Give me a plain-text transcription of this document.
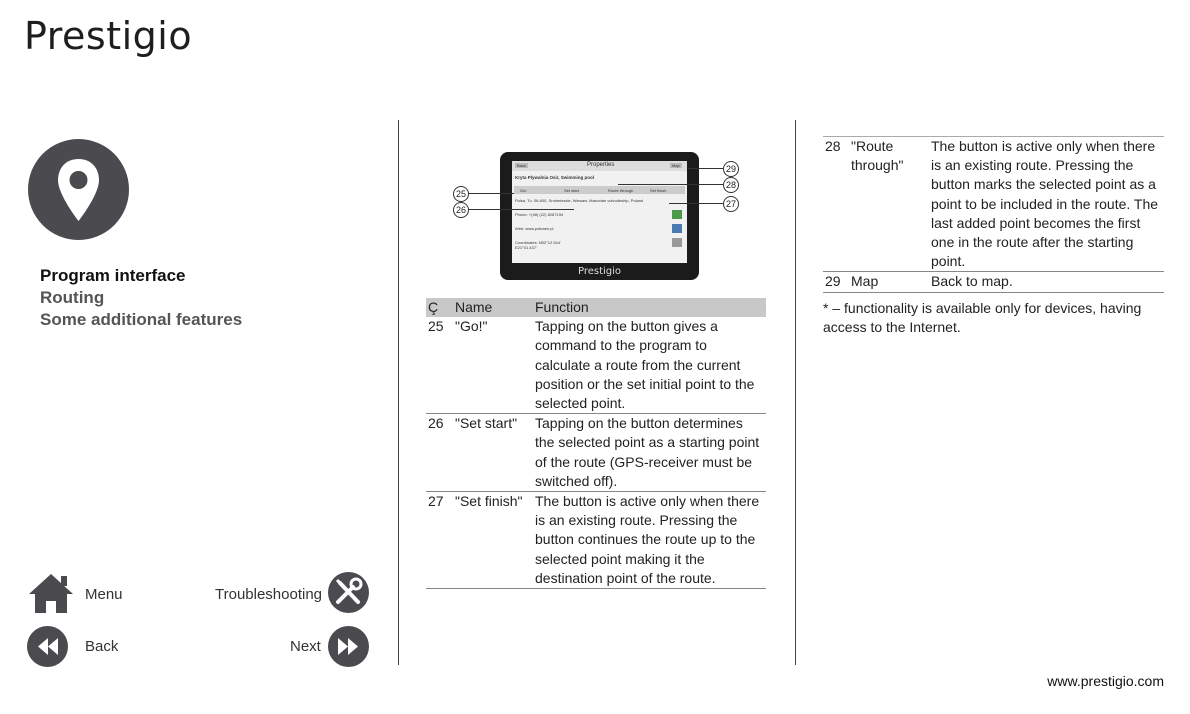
Prestigio
Program interface
Routing
Some additional features
Menu	Troubleshooting
Back	Next
Back	Properties	Map
Kryta Plywalnia Osir, Swimming pool
Go!	Set start	Route through	Set finish
Pulsa, Tu. 06-600, Srodmiescie, Warsaw, Masovian voivodeship, Poland
Phone: +(48) (22) 8287194
Web: www.polbaen.pl
Coordinates: N52°12.344' E21°01.437'
Prestigio
25
26
27
28
29
Ç	Name	Function
25	"Go!"	Tapping on the button gives a command to the program to calculate a route from the current position or the set initial point to the selected point.
26	"Set start"	Tapping on the button determines the selected point as a starting point of the route (GPS-receiver must be switched off).
27	"Set finish"	The button is active only when there is an existing route. Pressing the button continues the route up to the selected point making it the destination point of the route.
28	"Route through"	The button is active only when there is an existing route. Pressing the button marks the selected point as a point to be included in the route. The last added point becomes the first one in the route after the starting point.
29	Map	Back to map.
* – functionality is available only for devices, having access to the Internet.
www.prestigio.com
